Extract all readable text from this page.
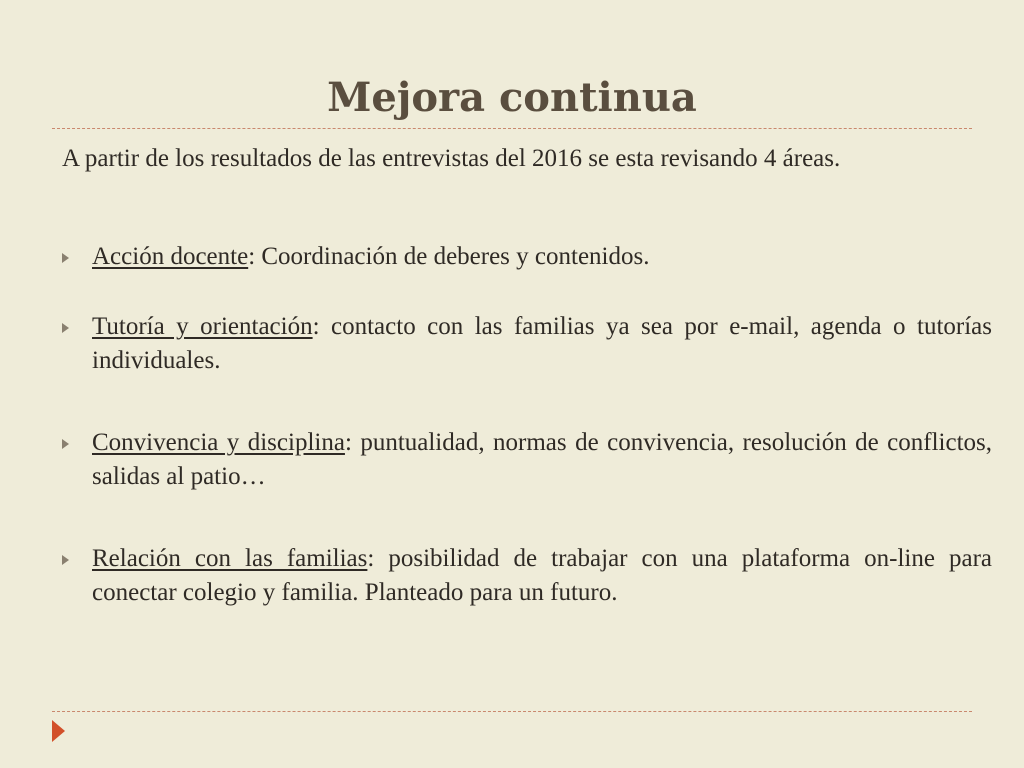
Mejora continua

A partir de los resultados de las entrevistas del 2016 se esta revisando 4 áreas.

Acción docente: Coordinación de deberes y contenidos.
Tutoría y orientación: contacto con las familias ya sea por e-mail, agenda o tutorías individuales.
Convivencia y disciplina: puntualidad, normas de convivencia, resolución de conflictos, salidas al patio…
Relación con las familias: posibilidad de trabajar con una plataforma on-line para conectar colegio y familia. Planteado para un futuro.
